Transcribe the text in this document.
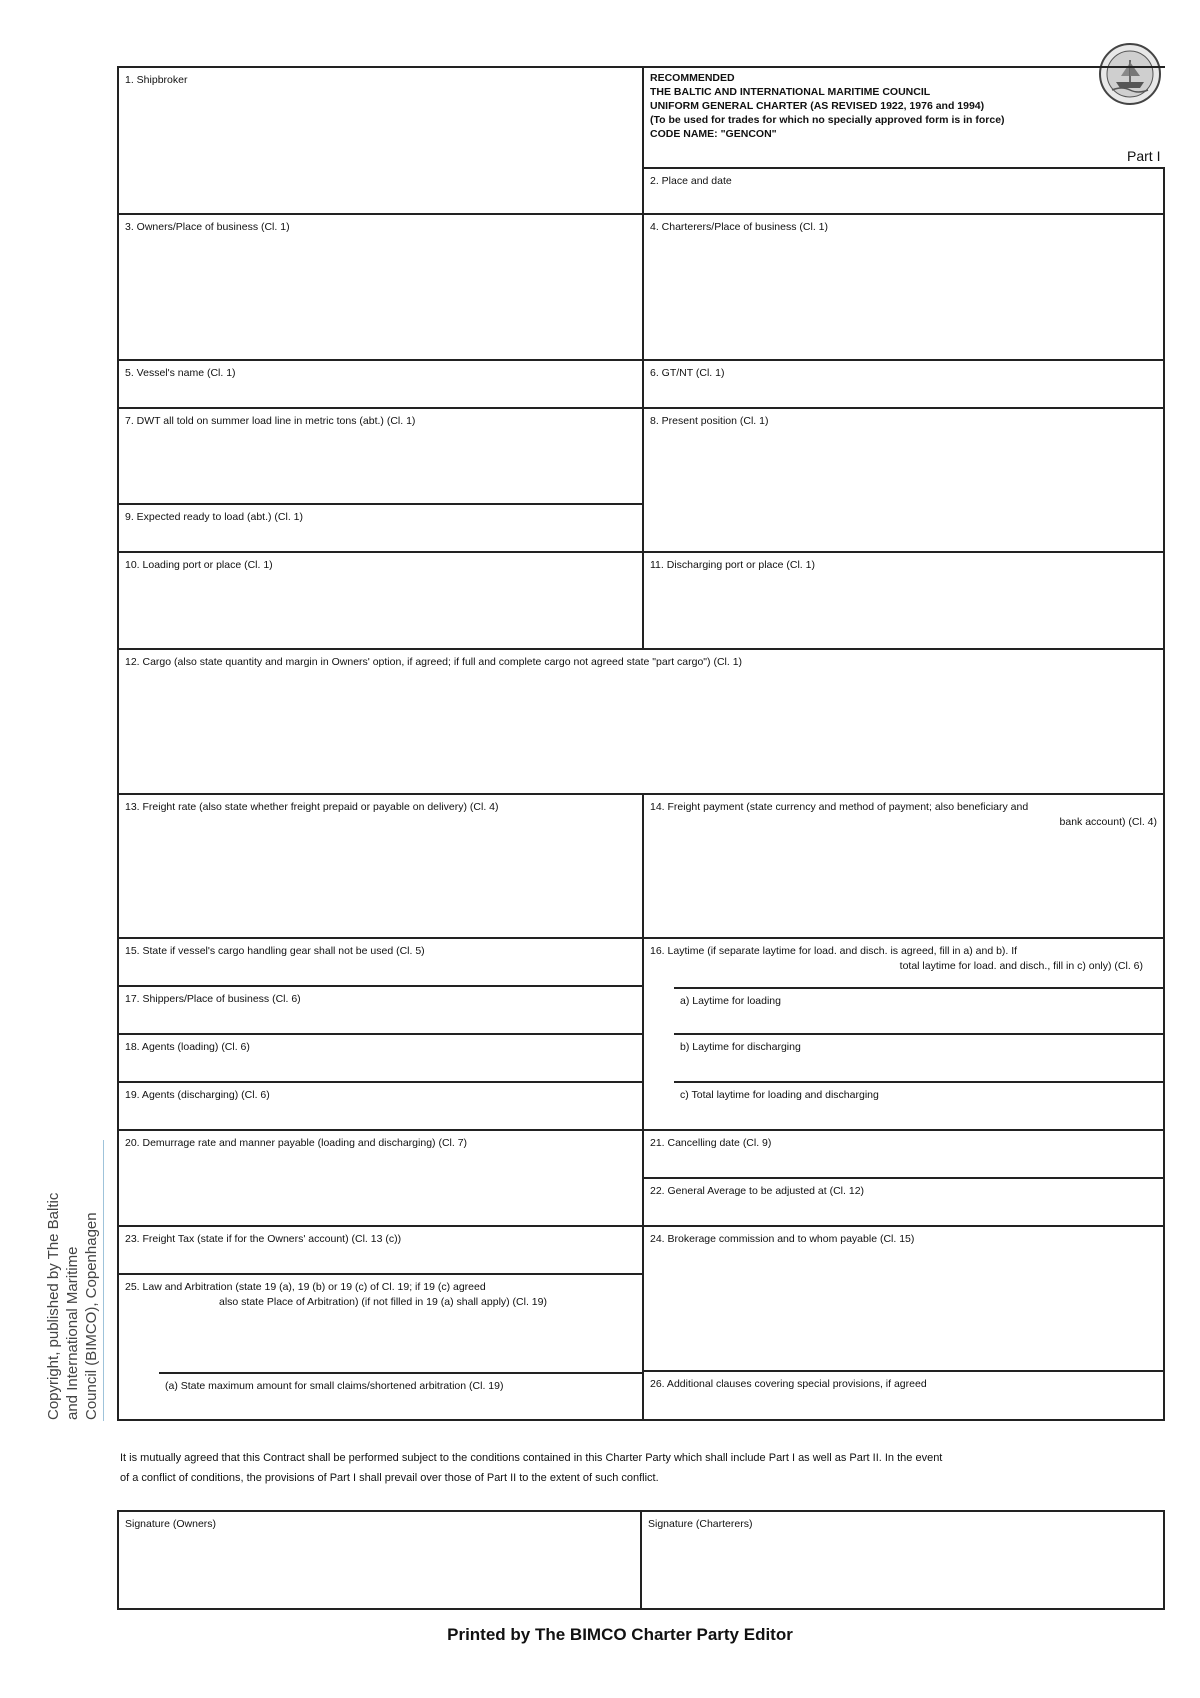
1. Shipbroker	RECOMMENDED
THE BALTIC AND INTERNATIONAL MARITIME COUNCIL
UNIFORM GENERAL CHARTER (AS REVISED 1922, 1976 and 1994)
(To be used for trades for which no specially approved form is in force)
CODE NAME: "GENCON"
Part I
2. Place and date
3. Owners/Place of business (Cl. 1)	4. Charterers/Place of business (Cl. 1)
5. Vessel's name (Cl. 1)	6. GT/NT (Cl. 1)
7. DWT all told on summer load line in metric tons (abt.) (Cl. 1)	8. Present position (Cl. 1)
9. Expected ready to load (abt.) (Cl. 1)
10. Loading port or place (Cl. 1)	11. Discharging port or place (Cl. 1)
12. Cargo (also state quantity and margin in Owners' option, if agreed; if full and complete cargo not agreed state "part cargo") (Cl. 1)
13. Freight rate (also state whether freight prepaid or payable on delivery) (Cl. 4)	14. Freight payment (state currency and method of payment; also beneficiary and
bank account) (Cl. 4)
15. State if vessel's cargo handling gear shall not be used (Cl. 5)
17. Shippers/Place of business (Cl. 6)
18. Agents (loading) (Cl. 6)
19. Agents (discharging) (Cl. 6)
16. Laytime (if separate laytime for load. and disch. is agreed, fill in a) and b). If
total laytime for load. and disch., fill in c) only) (Cl. 6)
a) Laytime for loading
b) Laytime for discharging
c) Total laytime for loading and discharging
20. Demurrage rate and manner payable (loading and discharging) (Cl. 7)	21. Cancelling date (Cl. 9)
22. General Average to be adjusted at (Cl. 12)
23. Freight Tax (state if for the Owners' account) (Cl. 13 (c))	24. Brokerage commission and to whom payable (Cl. 15)
25. Law and Arbitration (state 19 (a), 19 (b) or 19 (c) of Cl. 19; if 19 (c) agreed
also state Place of Arbitration) (if not filled in 19 (a) shall apply) (Cl. 19)
(a) State maximum amount for small claims/shortened arbitration (Cl. 19)	26. Additional clauses covering special provisions, if agreed
Copyright, published by The Baltic and International Maritime Council (BIMCO), Copenhagen
It is mutually agreed that this Contract shall be performed subject to the conditions contained in this Charter Party which shall include Part I as well as Part II. In the event
of a conflict of conditions, the provisions of Part I shall prevail over those of Part II to the extent of such conflict.
Signature (Owners)	Signature (Charterers)
Printed by The BIMCO Charter Party Editor
